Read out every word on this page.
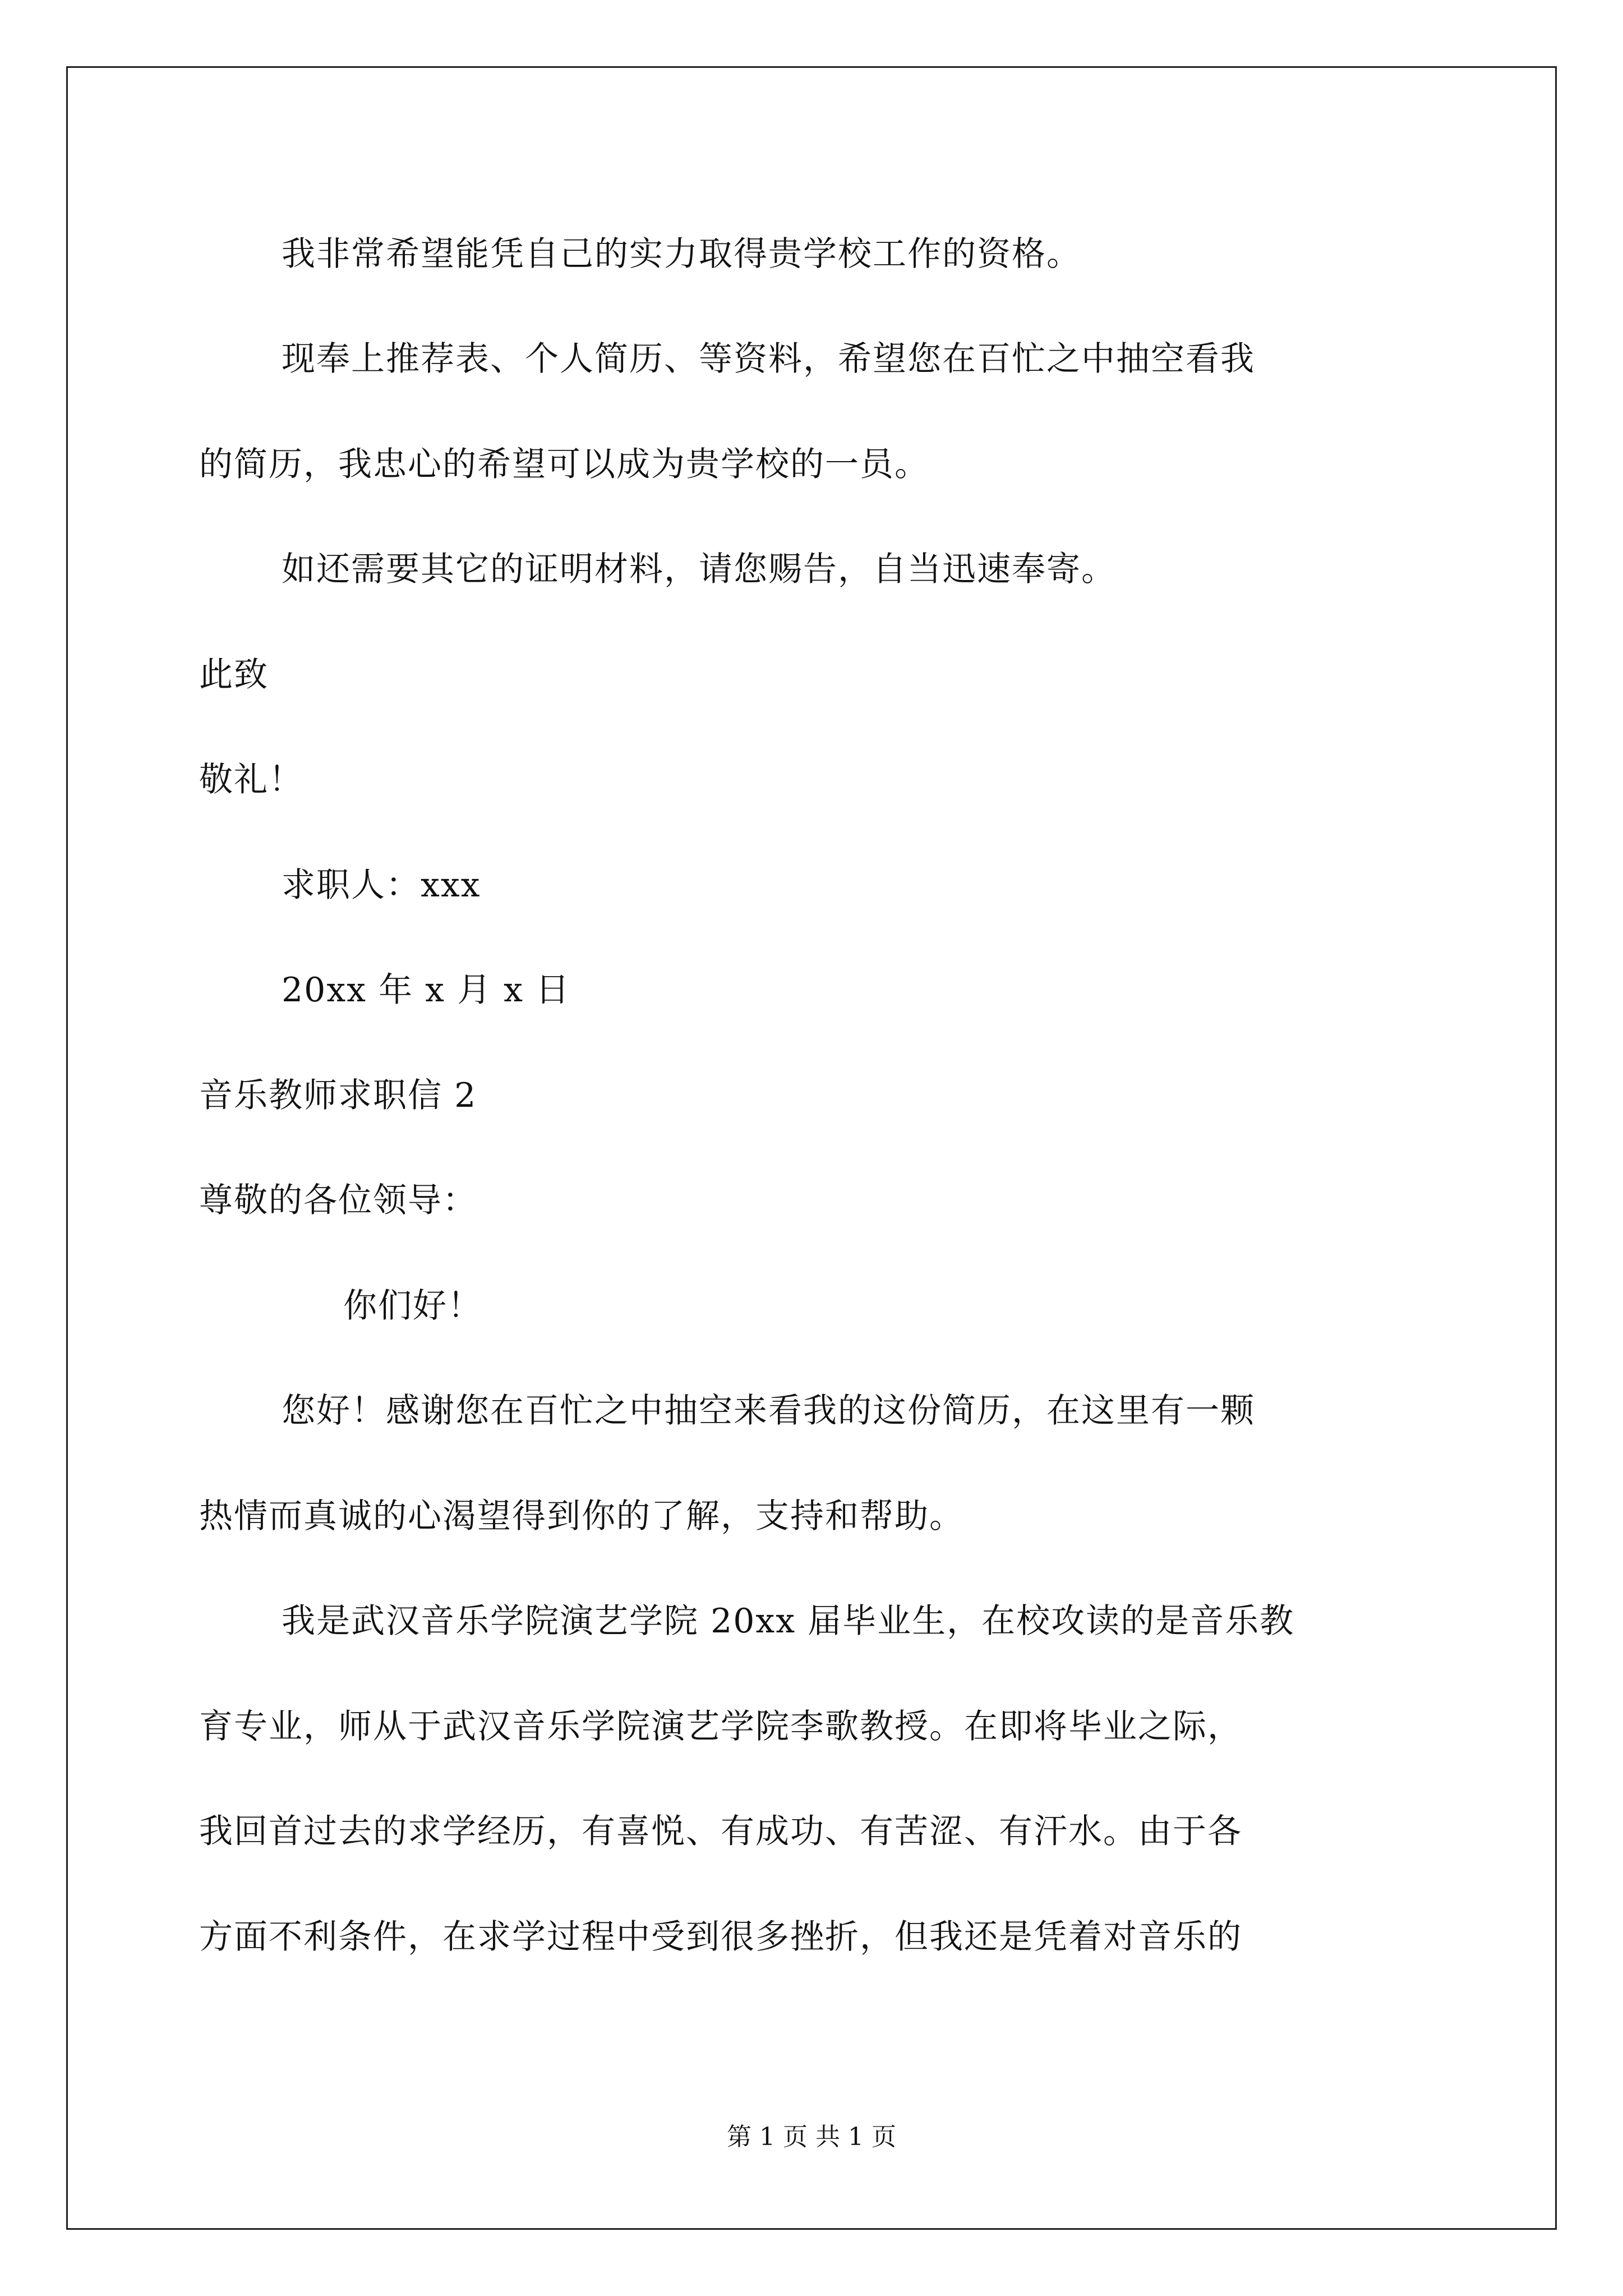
我非常希望能凭自己的实力取得贵学校工作的资格。
现奉上推荐表、个人简历、等资料，希望您在百忙之中抽空看我
的简历，我忠心的希望可以成为贵学校的一员。
如还需要其它的证明材料，请您赐告，自当迅速奉寄。
此致
敬礼！
求职人：xxx
20xx 年 x 月 x 日
音乐教师求职信 2
尊敬的各位领导：
你们好！
您好！感谢您在百忙之中抽空来看我的这份简历，在这里有一颗
热情而真诚的心渴望得到你的了解，支持和帮助。
我是武汉音乐学院演艺学院 20xx 届毕业生，在校攻读的是音乐教
育专业，师从于武汉音乐学院演艺学院李歌教授。在即将毕业之际，
我回首过去的求学经历，有喜悦、有成功、有苦涩、有汗水。由于各
方面不利条件，在求学过程中受到很多挫折，但我还是凭着对音乐的
第 1 页 共 1 页
